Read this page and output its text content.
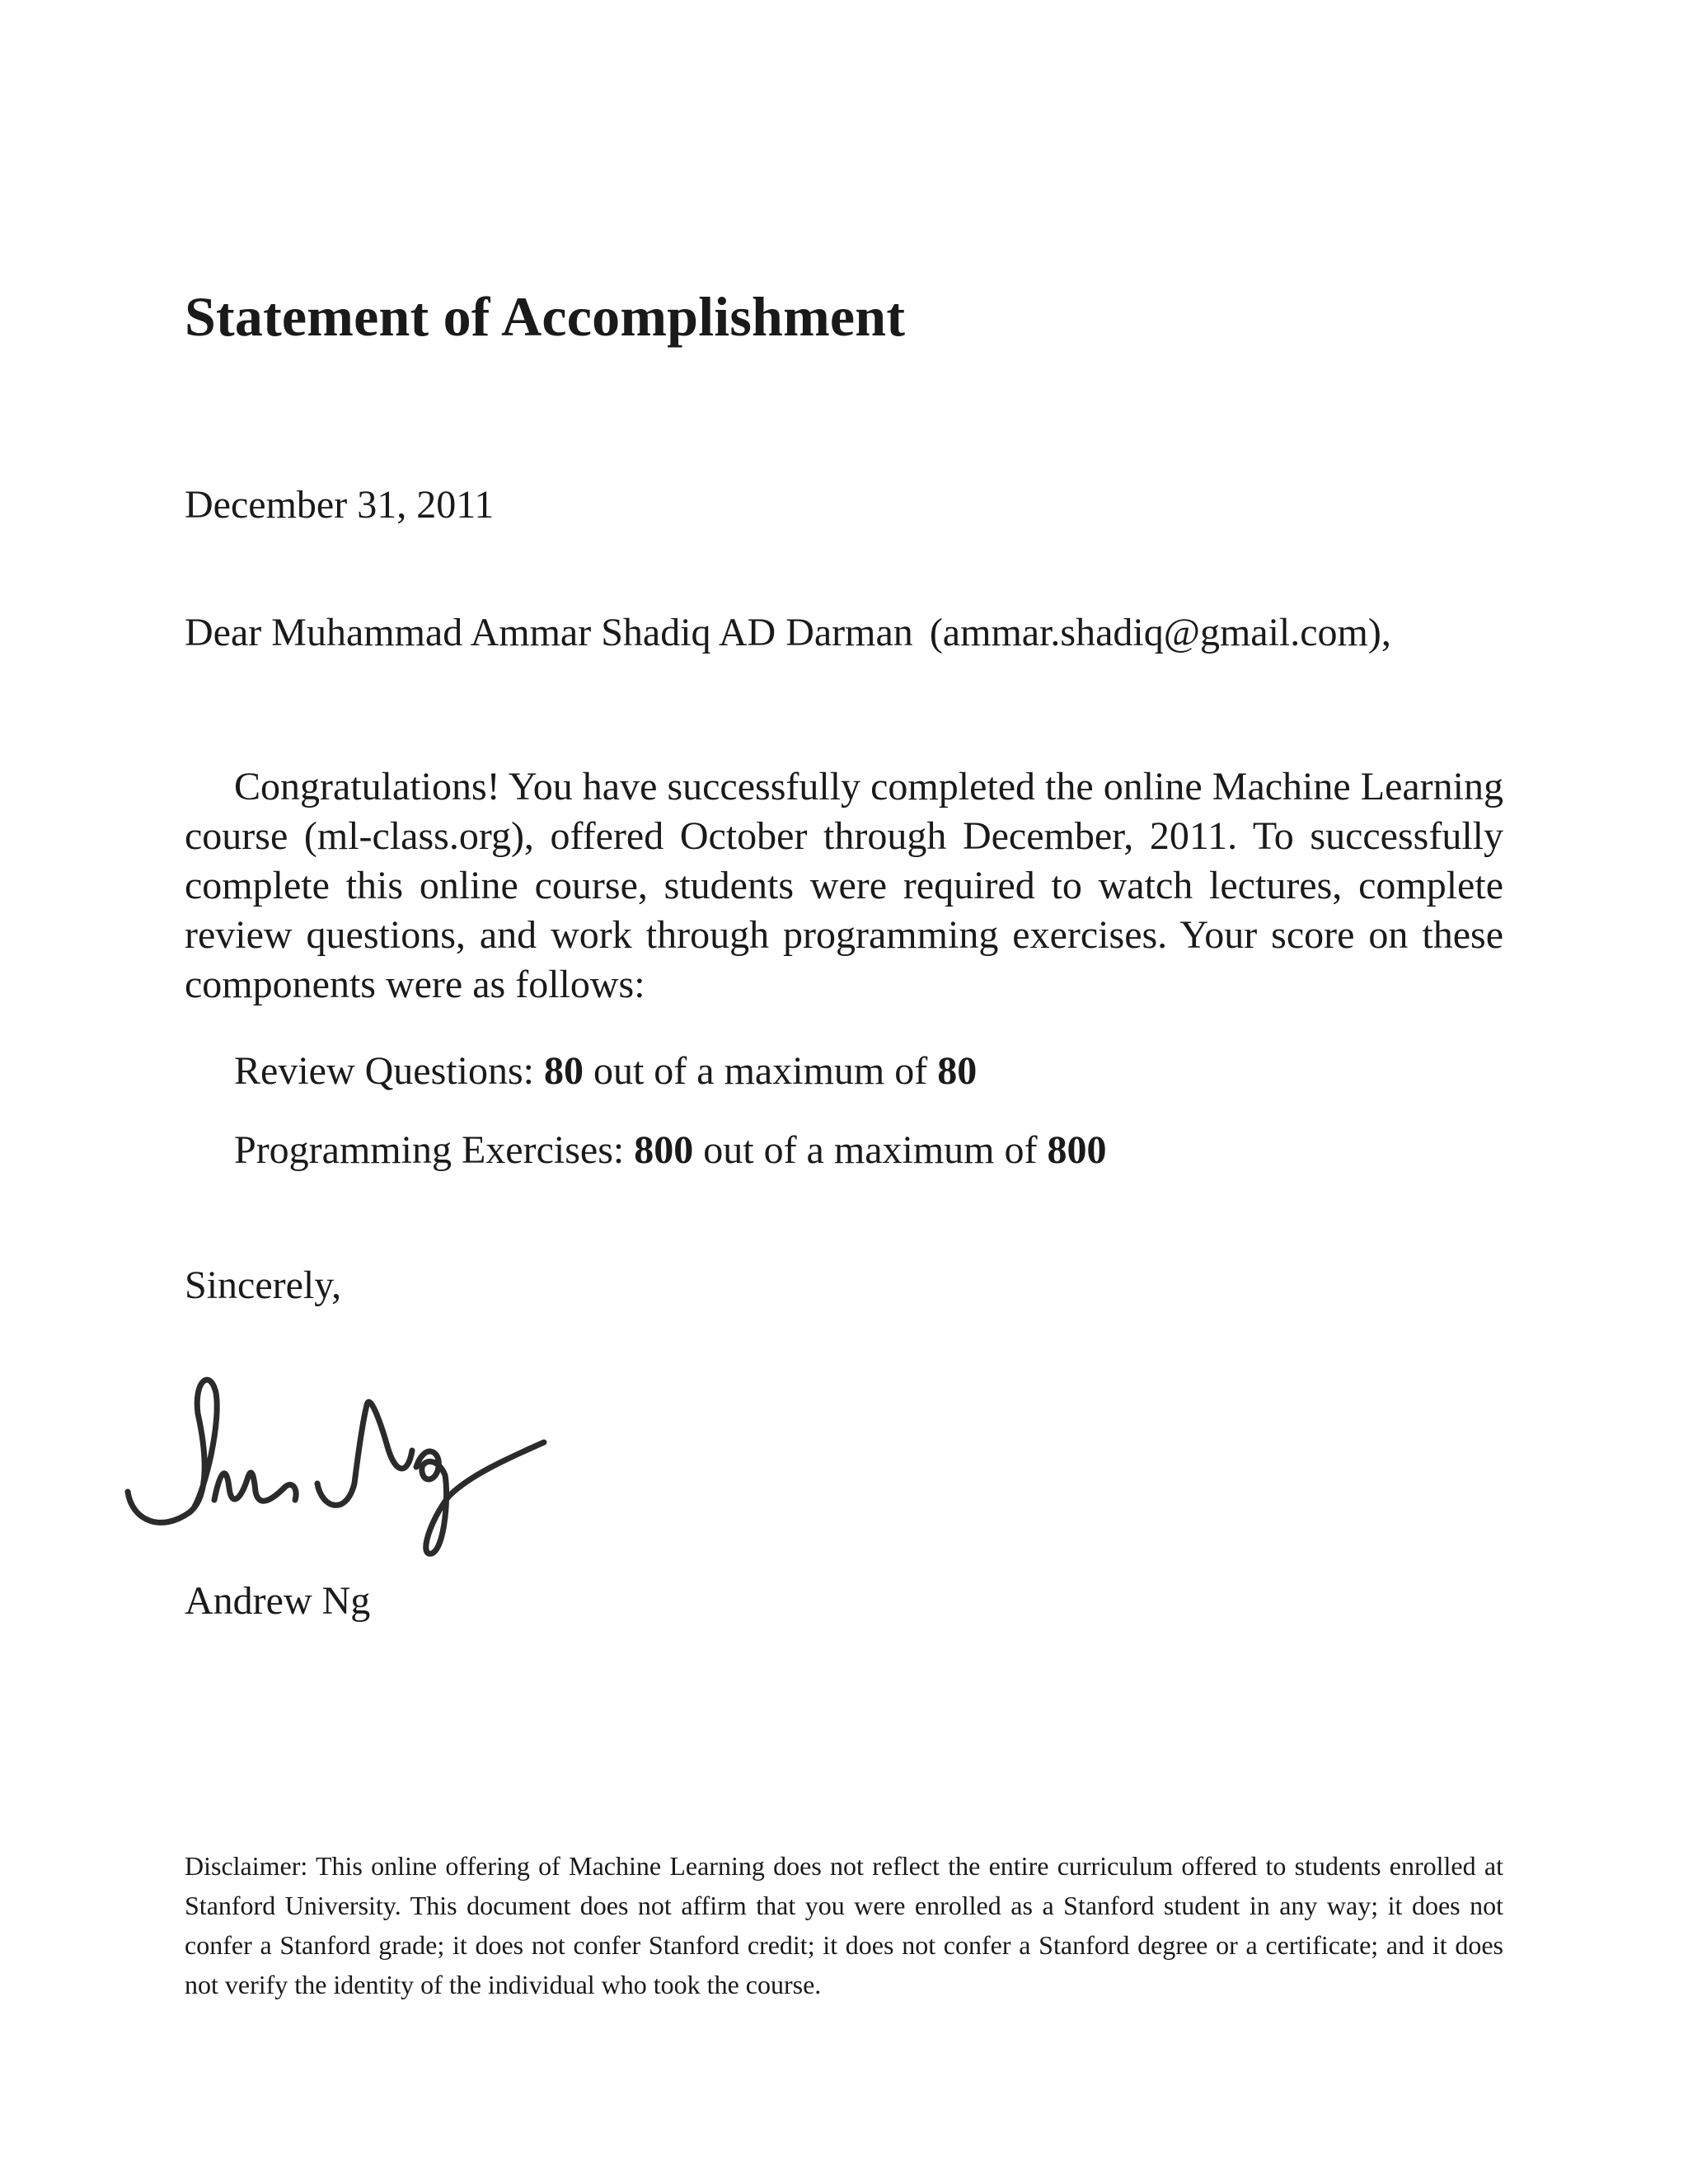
Statement of Accomplishment

December 31, 2011

Dear Muhammad Ammar Shadiq AD Darman (ammar.shadiq@gmail.com),

Congratulations! You have successfully completed the online Machine Learning course (ml-class.org), offered October through December, 2011. To successfully complete this online course, students were required to watch lectures, complete review questions, and work through programming exercises. Your score on these components were as follows:

Review Questions: 80 out of a maximum of 80

Programming Exercises: 800 out of a maximum of 800

Sincerely,

Andrew Ng

Disclaimer: This online offering of Machine Learning does not reflect the entire curriculum offered to students enrolled at Stanford University. This document does not affirm that you were enrolled as a Stanford student in any way; it does not confer a Stanford grade; it does not confer Stanford credit; it does not confer a Stanford degree or a certificate; and it does not verify the identity of the individual who took the course.
